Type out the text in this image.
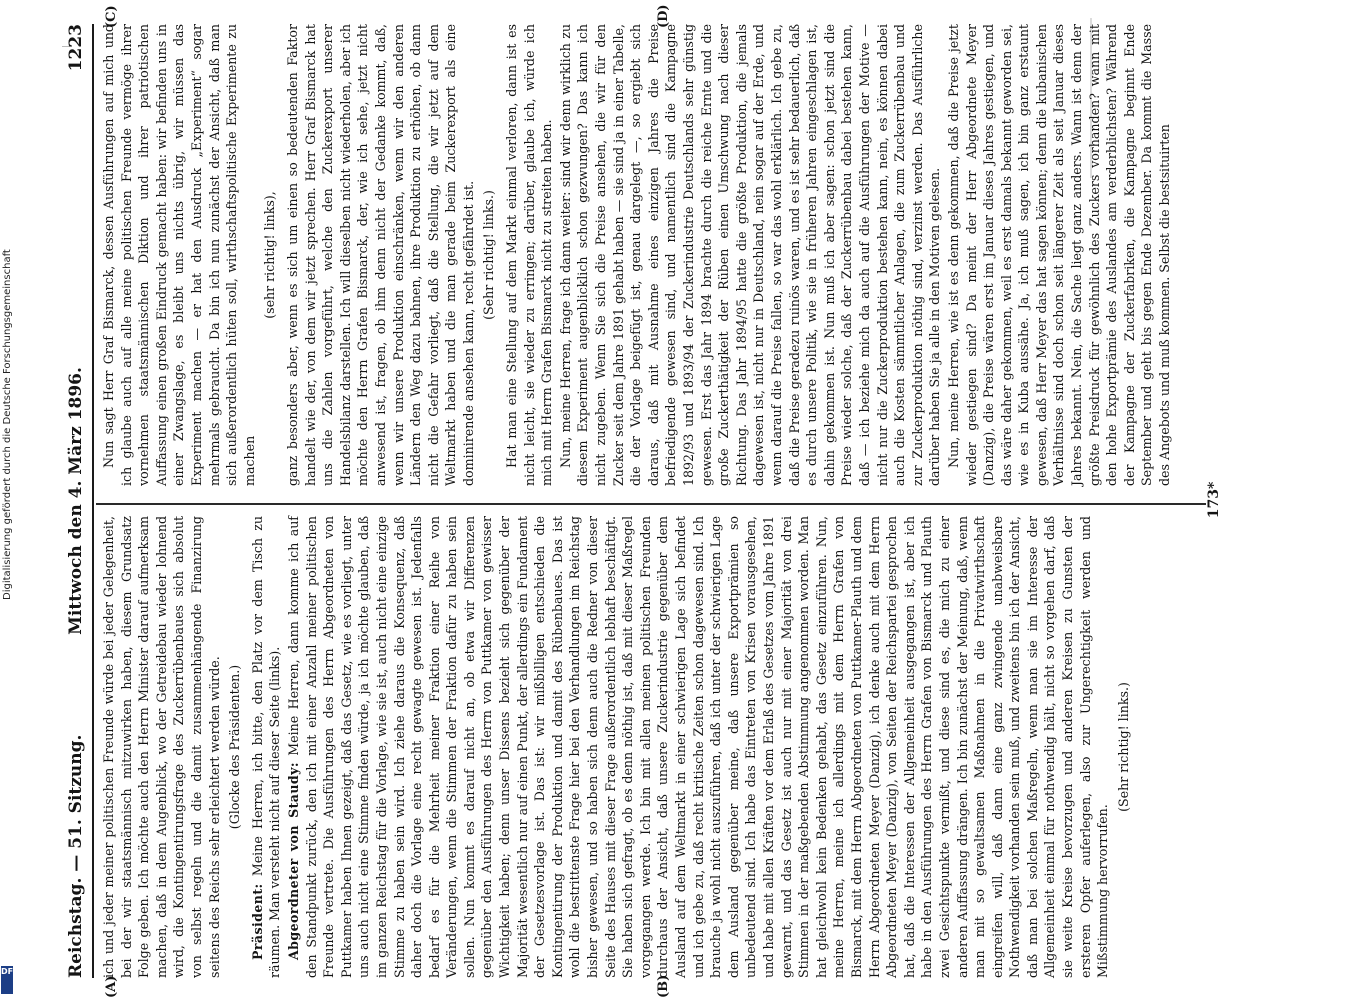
Reichstag. — 51. Sitzung.
Mittwoch den 4. März 1896.
1223
(A)	(B)
(C)	(D)

ich und jeder meiner politischen Freunde würde bei jeder Gelegenheit, bei der wir staatsmännisch mitzuwirken haben, diesem Grundsatz Folge geben. Ich möchte auch den Herrn Minister darauf aufmerksam machen, daß in dem Augenblick, wo der Getreidebau wieder lohnend wird, die Kontingentirungsfrage des Zuckerrübenbaues sich absolut von selbst regeln und die damit zusammenhängende Finanzirung seitens des Reichs sehr erleichtert werden würde. (Glocke des Präsidenten.)

Präsident: Meine Herren, ich bitte, den Platz vor dem Tisch zu räumen. Man versteht nicht auf dieser Seite (links). Abgeordneter von Staudy: Meine Herren, dann komme ich auf den Standpunkt zurück, den ich mit einer Anzahl meiner politischen Freunde vertrete. Die Ausführungen des Herrn Abgeordneten von Puttkamer haben Ihnen gezeigt, daß das Gesetz, wie es vorliegt, unter uns auch nicht eine Stimme finden würde, ja ich möchte glauben, daß im ganzen Reichstag für die Vorlage, wie sie ist, auch nicht eine einzige Stimme zu haben sein wird. Ich ziehe daraus die Konsequenz, daß daher doch die Vorlage eine recht gewagte gewesen ist. Jedenfalls bedarf es für die Mehrheit meiner Fraktion einer Reihe von Veränderungen, wenn die Stimmen der Fraktion dafür zu haben sein sollen. Nun kommt es darauf nicht an, ob etwa wir Differenzen gegenüber den Ausführungen des Herrn von Puttkamer von gewisser Wichtigkeit haben; denn unser Dissens bezieht sich gegenüber der Majorität wesentlich nur auf einen Punkt, der allerdings ein Fundament der Gesetzesvorlage ist. Das ist: wir mißbilligen entschieden die Kontingentirung der Produktion und damit des Rübenbaues. Das ist wohl die bestrittenste Frage hier bei den Verhandlungen im Reichstag bisher gewesen, und so haben sich denn auch die Redner von dieser Seite des Hauses mit dieser Frage außerordentlich lebhaft beschäftigt. Sie haben sich gefragt, ob es denn nöthig ist, daß mit dieser Maßregel vorgegangen werde. Ich bin mit allen meinen politischen Freunden durchaus der Ansicht, daß unsere Zuckerindustrie gegenüber dem Ausland auf dem Weltmarkt in einer schwierigen Lage sich befindet und ich gebe zu, daß recht kritische Zeiten schon dagewesen sind. Ich brauche ja wohl nicht auszuführen, daß ich unter der schwierigen Lage dem Ausland gegenüber meine, daß unsere Exportprämien so unbedeutend sind. Ich habe das Eintreten von Krisen vorausgesehen, und habe mit allen Kräften vor dem Erlaß des Gesetzes vom Jahre 1891 gewarnt, und das Gesetz ist auch nur mit einer Majorität von drei Stimmen in der maßgebenden Abstimmung angenommen worden. Man hat gleichwohl kein Bedenken gehabt, das Gesetz einzuführen. Nun, meine Herren, meine ich allerdings mit dem Herrn Grafen von Bismarck, mit dem Herrn Abgeordneten von Puttkamer-Plauth und dem Herrn Abgeordneten Meyer (Danzig), ich denke auch mit dem Herrn Abgeordneten Meyer (Danzig), von Seiten der Reichspartei gesprochen hat, daß die Interessen der Allgemeinheit ausgegangen ist, aber ich habe in den Ausführungen des Herrn Grafen von Bismarck und Plauth zwei Gesichtspunkte vermißt, und diese sind es, die mich zu einer anderen Auffassung drängen. Ich bin zunächst der Meinung, daß, wenn man mit so gewaltsamen Maßnahmen in die Privatwirthschaft eingreifen will, daß dann eine ganz zwingende unabweisbare Nothwendigkeit vorhanden sein muß, und zweitens bin ich der Ansicht, daß man bei solchen Maßregeln, wenn man sie im Interesse der Allgemeinheit einmal für nothwendig hält, nicht so vorgehen darf, daß sie weite Kreise bevorzugen und anderen Kreisen zu Gunsten der ersteren Opfer auferlegen, also zur Ungerechtigkeit werden und Mißstimmung hervorrufen.

(Sehr richtig! links.)

Nun sagt Herr Graf Bismarck, dessen Ausführungen auf mich und ich glaube auch auf alle meine politischen Freunde vermöge ihrer vornehmen staatsmännischen Diktion und ihrer patriotischen Auffassung einen großen Eindruck gemacht haben: wir befinden uns in einer Zwangslage, es bleibt uns nichts übrig, wir müssen das Experiment machen — er hat den Ausdruck „Experiment“ sogar mehrmals gebraucht. Da bin ich nun zunächst der Ansicht, daß man sich außerordentlich hüten soll, wirthschaftspolitische Experimente zu machen

(sehr richtig! links), ganz besonders aber, wenn es sich um einen so bedeutenden Faktor handelt wie der, von dem wir jetzt sprechen. Herr Graf Bismarck hat uns die Zahlen vorgeführt, welche den Zuckerexport unserer Handelsbilanz darstellen. Ich will dieselben nicht wiederholen, aber ich möchte den Herrn Grafen Bismarck, der, wie ich sehe, jetzt nicht anwesend ist, fragen, ob ihm denn nicht der Gedanke kommt, daß, wenn wir unsere Produktion einschränken, wenn wir den anderen Ländern den Weg dazu bahnen, ihre Produktion zu erhöhen, ob dann nicht die Gefahr vorliegt, daß die Stellung, die wir jetzt auf dem Weltmarkt haben und die man gerade beim Zuckerexport als eine dominirende ansehen kann, recht gefährdet ist. (Sehr richtig! links.) Hat man eine Stellung auf dem Markt einmal verloren, dann ist es nicht leicht, sie wieder zu erringen; darüber, glaube ich, würde ich mich mit Herrn Grafen Bismarck nicht zu streiten haben. Nun, meine Herren, frage ich dann weiter: sind wir denn wirklich zu diesem Experiment augenblicklich schon gezwungen? Das kann ich nicht zugeben. Wenn Sie sich die Preise ansehen, die wir für den Zucker seit dem Jahre 1891 gehabt haben — sie sind ja in einer Tabelle, die der Vorlage beigefügt ist, genau dargelegt —, so ergiebt sich daraus, daß mit Ausnahme eines einzigen Jahres die Preise befriedigende gewesen sind, und namentlich sind die Kampagne 1892/93 und 1893/94 der Zuckerindustrie Deutschlands sehr günstig gewesen. Erst das Jahr 1894 brachte durch die reiche Ernte und die große Zuckerthätigkeit der Rüben einen Umschwung nach dieser Richtung. Das Jahr 1894/95 hatte die größte Produktion, die jemals dagewesen ist, nicht nur in Deutschland, nein sogar auf der Erde, und wenn darauf die Preise fallen, so war das wohl erklärlich. Ich gebe zu, daß die Preise geradezu ruinös waren, und es ist sehr bedauerlich, daß es durch unsere Politik, wie sie in früheren Jahren eingeschlagen ist, dahin gekommen ist. Nun muß ich aber sagen: schon jetzt sind die Preise wieder solche, daß der Zuckerrübenbau dabei bestehen kann, daß — ich beziehe mich da auch auf die Ausführungen der Motive — nicht nur die Zuckerproduktion bestehen kann, nein, es können dabei auch die Kosten sämmtlicher Anlagen, die zum Zuckerrübenbau und zur Zuckerproduktion nöthig sind, verzinst werden. Das Ausführliche darüber haben Sie ja alle in den Motiven gelesen. Nun, meine Herren, wie ist es denn gekommen, daß die Preise jetzt wieder gestiegen sind? Da meint der Herr Abgeordnete Meyer (Danzig), die Preise wären erst im Januar dieses Jahres gestiegen, und das wäre daher gekommen, weil es erst damals bekannt geworden sei, wie es in Kuba aussähe. Ja, ich muß sagen, ich bin ganz erstaunt gewesen, daß Herr Meyer das hat sagen können; denn die kubanischen Verhältnisse sind doch schon seit längerer Zeit als seit Januar dieses Jahres bekannt. Nein, die Sache liegt ganz anders. Wann ist denn der größte Preisdruck für gewöhnlich des Zuckers vorhanden? wann mit den hohe Exportprämie des Auslandes am verderblichsten? Während der Kampagne der Zuckerfabriken, die Kampagne beginnt Ende September und geht bis gegen Ende Dezember. Da kommt die Masse des Angebots und muß kommen. Selbst die bestsituirten

173*
Digitalisierung gefördert durch die Deutsche Forschungsgemeinschaft
DFG
